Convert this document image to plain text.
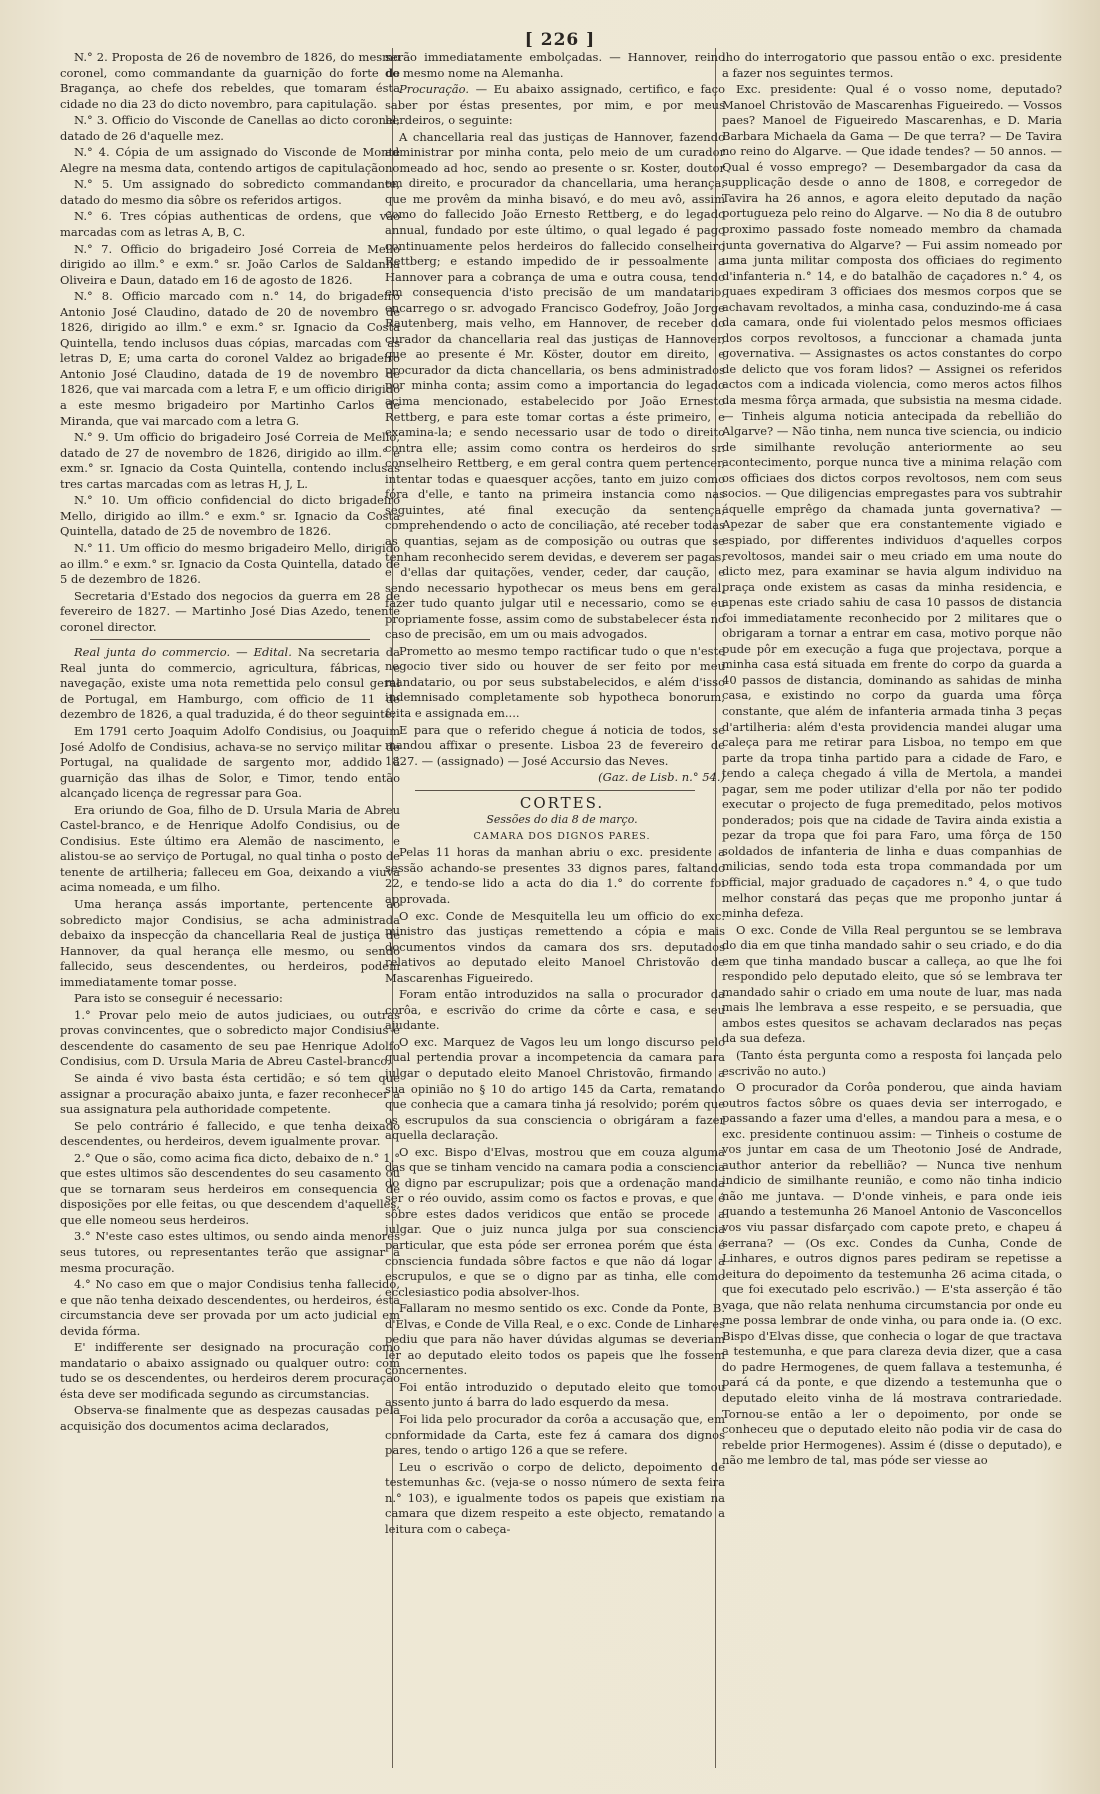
[ 226 ]

N.° 2. Proposta de 26 de novembro de 1826, do mesmo coronel, como commandante da guarnição do forte de Bragança, ao chefe dos rebeldes, que tomaram ésta cidade no dia 23 do dicto novembro, para capitulação.

N.° 3. Officio do Visconde de Canellas ao dicto coronel, datado de 26 d'aquelle mez.

N.° 4. Cópia de um assignado do Visconde de Monte Alegre na mesma data, contendo artigos de capitulação.

N.° 5. Um assignado do sobredicto commandante, datado do mesmo dia sôbre os referidos artigos.

N.° 6. Tres cópias authenticas de ordens, que vão marcadas com as letras A, B, C.

N.° 7. Officio do brigadeiro José Correia de Mello dirigido ao illm.° e exm.° sr. João Carlos de Saldanha Oliveira e Daun, datado em 16 de agosto de 1826.

N.° 8. Officio marcado com n.° 14, do brigadeiro Antonio José Claudino, datado de 20 de novembro de 1826, dirigido ao illm.° e exm.° sr. Ignacio da Costa Quintella, tendo inclusos duas cópias, marcadas com as letras D, E; uma carta do coronel Valdez ao brigadeiro Antonio José Claudino, datada de 19 de novembro de 1826, que vai marcada com a letra F, e um officio dirigido a este mesmo brigadeiro por Martinho Carlos de Miranda, que vai marcado com a letra G.

N.° 9. Um officio do brigadeiro José Correia de Mello, datado de 27 de novembro de 1826, dirigido ao illm.° e exm.° sr. Ignacio da Costa Quintella, contendo inclusas tres cartas marcadas com as letras H, J, L.

N.° 10. Um officio confidencial do dicto brigadeiro Mello, dirigido ao illm.° e exm.° sr. Ignacio da Costa Quintella, datado de 25 de novembro de 1826.

N.° 11. Um officio do mesmo brigadeiro Mello, dirigido ao illm.° e exm.° sr. Ignacio da Costa Quintella, datado de 5 de dezembro de 1826.

Secretaria d'Estado dos negocios da guerra em 28 de fevereiro de 1827. — Martinho José Dias Azedo, tenente coronel director.

Real junta do commercio. — Edital. Na secretaria da Real junta do commercio, agricultura, fábricas, e navegação, existe uma nota remettida pelo consul geral de Portugal, em Hamburgo, com officio de 11 de dezembro de 1826, a qual traduzida, é do theor seguinte:

Em 1791 certo Joaquim Adolfo Condisius, ou Joaquim José Adolfo de Condisius, achava-se no serviço militar de Portugal, na qualidade de sargento mor, addido á guarnição das ilhas de Solor, e Timor, tendo então alcançado licença de regressar para Goa.

Era oriundo de Goa, filho de D. Ursula Maria de Abreu Castel-branco, e de Henrique Adolfo Condisius, ou de Condisius. Este último era Alemão de nascimento, e alistou-se ao serviço de Portugal, no qual tinha o posto de tenente de artilheria; falleceu em Goa, deixando a viuva acima nomeada, e um filho.

Uma herança assás importante, pertencente ao sobredicto major Condisius, se acha administrada debaixo da inspecção da chancellaria Real de justiça de Hannover, da qual herança elle mesmo, ou sendo fallecido, seus descendentes, ou herdeiros, podem immediatamente tomar posse.

Para isto se conseguir é necessario:

1.° Provar pelo meio de autos judiciaes, ou outras provas convincentes, que o sobredicto major Condisius é descendente do casamento de seu pae Henrique Adolfo Condisius, com D. Ursula Maria de Abreu Castel-branco.

Se ainda é vivo basta ésta certidão; e só tem que assignar a procuração abaixo junta, e fazer reconhecer a sua assignatura pela authoridade competente.

Se pelo contrário é fallecido, e que tenha deixado descendentes, ou herdeiros, devem igualmente provar.

2.° Que o são, como acima fica dicto, debaixo de n.° 1.° que estes ultimos são descendentes do seu casamento ou que se tornaram seus herdeiros em consequencia de disposições por elle feitas, ou que descendem d'aquelles, que elle nomeou seus herdeiros.

3.° N'este caso estes ultimos, ou sendo ainda menores seus tutores, ou representantes terão que assignar a mesma procuração.

4.° No caso em que o major Condisius tenha fallecido, e que não tenha deixado descendentes, ou herdeiros, ésta circumstancia deve ser provada por um acto judicial em devida fórma.

E' indifferente ser designado na procuração como mandatario o abaixo assignado ou qualquer outro: com tudo se os descendentes, ou herdeiros derem procuração ésta deve ser modificada segundo as circumstancias.

Observa-se finalmente que as despezas causadas pela acquisição dos documentos acima declarados,

serão immediatamente embolçadas. — Hannover, reino do mesmo nome na Alemanha.

Procuração. — Eu abaixo assignado, certifico, e faço saber por éstas presentes, por mim, e por meus herdeiros, o seguinte:

A chancellaria real das justiças de Hannover, fazendo administrar por minha conta, pelo meio de um curador nomeado ad hoc, sendo ao presente o sr. Koster, doutor em direito, e procurador da chancellaria, uma herança, que me provêm da minha bisavó, e do meu avô, assim como do fallecido João Ernesto Rettberg, e do legado annual, fundado por este último, o qual legado é pago continuamente pelos herdeiros do fallecido conselheiro Rettberg; e estando impedido de ir pessoalmente a Hannover para a cobrança de uma e outra cousa, tendo em consequencia d'isto precisão de um mandatario, encarrego o sr. advogado Francisco Godefroy, João Jorge Rautenberg, mais velho, em Hannover, de receber do curador da chancellaria real das justiças de Hannover, que ao presente é Mr. Köster, doutor em direito, e procurador da dicta chancellaria, os bens administrados por minha conta; assim como a importancia do legado acima mencionado, estabelecido por João Ernesto Rettberg, e para este tomar cortas a éste primeiro, e examina-la; e sendo necessario usar de todo o direito contra elle; assim como contra os herdeiros do sr. conselheiro Rettberg, e em geral contra quem pertencer, intentar todas e quaesquer acções, tanto em juizo como fóra d'elle, e tanto na primeira instancia como nas seguintes, até final execução da sentença, comprehendendo o acto de conciliação, até receber todas as quantias, sejam as de composição ou outras que se tenham reconhecido serem devidas, e deverem ser pagas, e d'ellas dar quitações, vender, ceder, dar caução, e sendo necessario hypothecar os meus bens em geral, fazer tudo quanto julgar util e necessario, como se eu propriamente fosse, assim como de substabelecer ésta no caso de precisão, em um ou mais advogados.

Prometto ao mesmo tempo ractificar tudo o que n'este negocio tiver sido ou houver de ser feito por meu mandatario, ou por seus substabelecidos, e além d'isso indemnisado completamente sob hypotheca bonorum, feita e assignada em....

E para que o referido chegue á noticia de todos, se mandou affixar o presente. Lisboa 23 de fevereiro de 1827. — (assignado) — José Accursio das Neves.

(Gaz. de Lisb. n.° 54.)

CORTES.

Sessões do dia 8 de março.

CAMARA DOS DIGNOS PARES.

Pelas 11 horas da manhan abriu o exc. presidente a sessão achando-se presentes 33 dignos pares, faltando 22, e tendo-se lido a acta do dia 1.° do corrente foi approvada.

O exc. Conde de Mesquitella leu um officio do exc. ministro das justiças remettendo a cópia e mais documentos vindos da camara dos srs. deputados relativos ao deputado eleito Manoel Christovão de Mascarenhas Figueiredo.

Foram então introduzidos na salla o procurador da corôa, e escrivão do crime da côrte e casa, e seu ajudante.

O exc. Marquez de Vagos leu um longo discurso pelo qual pertendia provar a incompetencia da camara para julgar o deputado eleito Manoel Christovão, firmando a sua opinião no § 10 do artigo 145 da Carta, rematando que conhecia que a camara tinha já resolvido; porém que os escrupulos da sua consciencia o obrigáram a fazer aquella declaração.

O exc. Bispo d'Elvas, mostrou que em couza alguma das que se tinham vencido na camara podia a consciencia do digno par escrupulizar; pois que a ordenação manda ser o réo ouvido, assim como os factos e provas, e que é sôbre estes dados veridicos que então se procede a julgar. Que o juiz nunca julga por sua consciencia particular, que esta póde ser erronea porém que ésta é consciencia fundada sôbre factos e que não dá logar a escrupulos, e que se o digno par as tinha, elle como ecclesiastico podia absolver-lhos.

Fallaram no mesmo sentido os exc. Conde da Ponte, B. d'Elvas, e Conde de Villa Real, e o exc. Conde de Linhares pediu que para não haver dúvidas algumas se deveriam lêr ao deputado eleito todos os papeis que lhe fossem concernentes.

Foi então introduzido o deputado eleito que tomou assento junto á barra do lado esquerdo da mesa.

Foi lida pelo procurador da corôa a accusação que, em conformidade da Carta, este fez á camara dos dignos pares, tendo o artigo 126 a que se refere.

Leu o escrivão o corpo de delicto, depoimento de testemunhas &c. (veja-se o nosso número de sexta feira n.° 103), e igualmente todos os papeis que existiam na camara que dizem respeito a este objecto, rematando a leitura com o cabeça-

lho do interrogatorio que passou então o exc. presidente a fazer nos seguintes termos.

Exc. presidente: Qual é o vosso nome, deputado? Manoel Christovão de Mascarenhas Figueiredo. — Vossos paes? Manoel de Figueiredo Mascarenhas, e D. Maria Barbara Michaela da Gama — De que terra? — De Tavira no reino do Algarve. — Que idade tendes? — 50 annos. — Qual é vosso emprego? — Desembargador da casa da supplicação desde o anno de 1808, e corregedor de Tavira ha 26 annos, e agora eleito deputado da nação portugueza pelo reino do Algarve. — No dia 8 de outubro proximo passado foste nomeado membro da chamada junta governativa do Algarve? — Fui assim nomeado por uma junta militar composta dos officiaes do regimento d'infanteria n.° 14, e do batalhão de caçadores n.° 4, os quaes expediram 3 officiaes dos mesmos corpos que se achavam revoltados, a minha casa, conduzindo-me á casa da camara, onde fui violentado pelos mesmos officiaes dos corpos revoltosos, a funccionar a chamada junta governativa. — Assignastes os actos constantes do corpo de delicto que vos foram lidos? — Assignei os referidos actos com a indicada violencia, como meros actos filhos da mesma fôrça armada, que subsistia na mesma cidade. — Tinheis alguma noticia antecipada da rebellião do Algarve? — Não tinha, nem nunca tive sciencia, ou indicio de similhante revolução anteriormente ao seu acontecimento, porque nunca tive a minima relação com os officiaes dos dictos corpos revoltosos, nem com seus socios. — Que diligencias empregastes para vos subtrahir áquelle emprêgo da chamada junta governativa? — Apezar de saber que era constantemente vigiado e espiado, por differentes individuos d'aquelles corpos revoltosos, mandei sair o meu criado em uma noute do dicto mez, para examinar se havia algum individuo na praça onde existem as casas da minha residencia, e apenas este criado sahiu de casa 10 passos de distancia foi immediatamente reconhecido por 2 militares que o obrigaram a tornar a entrar em casa, motivo porque não pude pôr em execução a fuga que projectava, porque a minha casa está situada em frente do corpo da guarda a 40 passos de distancia, dominando as sahidas de minha casa, e existindo no corpo da guarda uma fôrça constante, que além de infanteria armada tinha 3 peças d'artilheria: além d'esta providencia mandei alugar uma caleça para me retirar para Lisboa, no tempo em que parte da tropa tinha partido para a cidade de Faro, e tendo a caleça chegado á villa de Mertola, a mandei pagar, sem me poder utilizar d'ella por não ter podido executar o projecto de fuga premeditado, pelos motivos ponderados; pois que na cidade de Tavira ainda existia a pezar da tropa que foi para Faro, uma fôrça de 150 soldados de infanteria de linha e duas companhias de milicias, sendo toda esta tropa commandada por um official, major graduado de caçadores n.° 4, o que tudo melhor constará das peças que me proponho juntar á minha defeza.

O exc. Conde de Villa Real perguntou se se lembrava do dia em que tinha mandado sahir o seu criado, e do dia em que tinha mandado buscar a calleça, ao que lhe foi respondido pelo deputado eleito, que só se lembrava ter mandado sahir o criado em uma noute de luar, mas nada mais lhe lembrava a esse respeito, e se persuadia, que ambos estes quesitos se achavam declarados nas peças da sua defeza.

(Tanto ésta pergunta como a resposta foi lançada pelo escrivão no auto.)

O procurador da Corôa ponderou, que ainda haviam outros factos sôbre os quaes devia ser interrogado, e passando a fazer uma d'elles, a mandou para a mesa, e o exc. presidente continuou assim: — Tinheis o costume de vos juntar em casa de um Theotonio José de Andrade, author anterior da rebellião? — Nunca tive nenhum indicio de similhante reunião, e como não tinha indicio não me juntava. — D'onde vinheis, e para onde ieis quando a testemunha 26 Manoel Antonio de Vasconcellos vos viu passar disfarçado com capote preto, e chapeu á serrana? — (Os exc. Condes da Cunha, Conde de Linhares, e outros dignos pares pediram se repetisse a leitura do depoimento da testemunha 26 acima citada, o que foi executado pelo escrivão.) — E'sta asserção é tão vaga, que não relata nenhuma circumstancia por onde eu me possa lembrar de onde vinha, ou para onde ia. (O exc. Bispo d'Elvas disse, que conhecia o logar de que tractava a testemunha, e que para clareza devia dizer, que a casa do padre Hermogenes, de quem fallava a testemunha, é pará cá da ponte, e que dizendo a testemunha que o deputado eleito vinha de lá mostrava contrariedade. Tornou-se então a ler o depoimento, por onde se conheceu que o deputado eleito não podia vir de casa do rebelde prior Hermogenes). Assim é (disse o deputado), e não me lembro de tal, mas póde ser viesse ao
